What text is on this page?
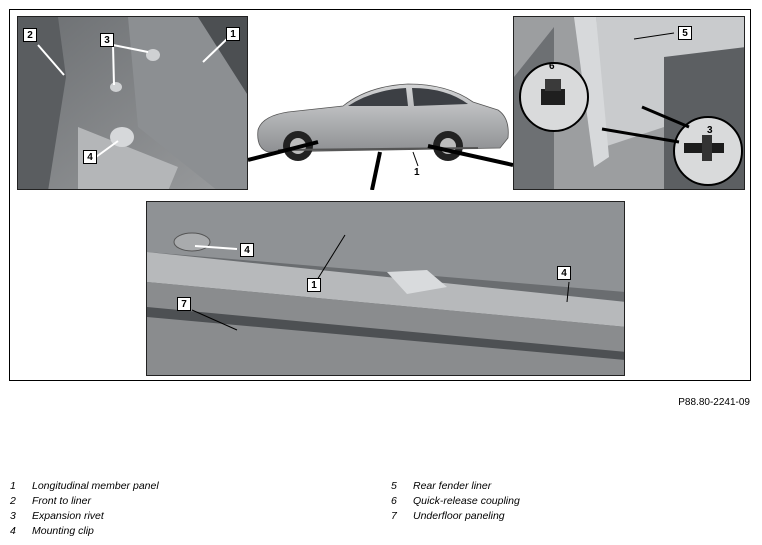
2	3
1
4
1
5
6
3
4
1
7
4
P88.80-2241-09
1	Longitudinal member panel
2	Front to liner
3	Expansion rivet
4	Mounting clip
5	Rear fender liner
6	Quick-release coupling
7	Underfloor paneling
